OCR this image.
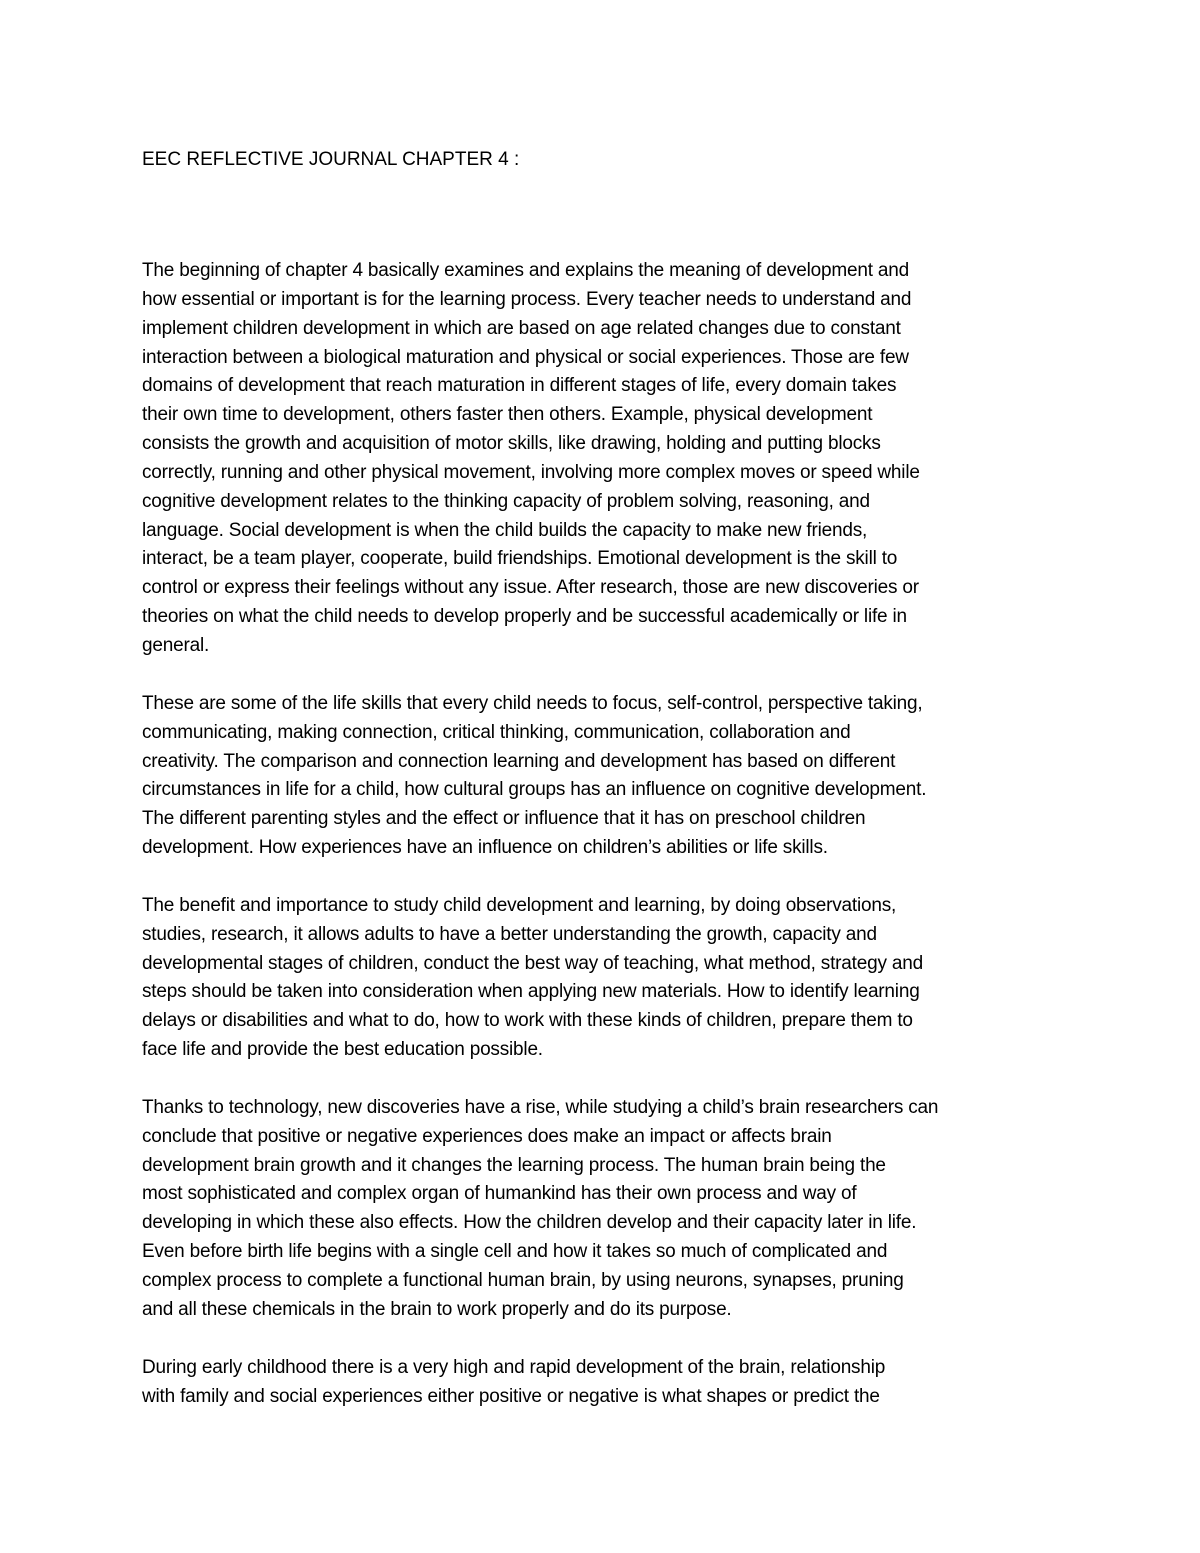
EEC REFLECTIVE JOURNAL CHAPTER 4 :
The beginning of chapter 4 basically examines and explains the meaning of development and
how essential or important is for the learning process. Every teacher needs to understand and
implement children development in which are based on age related changes due to constant
interaction between a biological maturation and physical or social experiences. Those are few
domains of development that reach maturation in different stages of life, every domain takes
their own time to development, others faster then others. Example, physical development
consists the growth and acquisition of motor skills, like drawing, holding and putting blocks
correctly, running and other physical movement, involving more complex moves or speed while
cognitive development relates to the thinking capacity of problem solving, reasoning, and
language. Social development is when the child builds the capacity to make new friends,
interact, be a team player, cooperate, build friendships. Emotional development is the skill to
control or express their feelings without any issue. After research, those are new discoveries or
theories on what the child needs to develop properly and be successful academically or life in
general.
These are some of the life skills that every child needs to focus, self-control, perspective taking,
communicating, making connection, critical thinking, communication, collaboration and
creativity. The comparison and connection learning and development has based on different
circumstances in life for a child, how cultural groups has an influence on cognitive development.
The different parenting styles and the effect or influence that it has on preschool children
development. How experiences have an influence on children’s abilities or life skills.
The benefit and importance to study child development and learning, by doing observations,
studies, research, it allows adults to have a better understanding the growth, capacity and
developmental stages of children, conduct the best way of teaching, what method, strategy and
steps should be taken into consideration when applying new materials. How to identify learning
delays or disabilities and what to do, how to work with these kinds of children, prepare them to
face life and provide the best education possible.
Thanks to technology, new discoveries have a rise, while studying a child’s brain researchers can
conclude that positive or negative experiences does make an impact or affects brain
development brain growth and it changes the learning process. The human brain being the
most sophisticated and complex organ of humankind has their own process and way of
developing in which these also effects. How the children develop and their capacity later in life.
Even before birth life begins with a single cell and how it takes so much of complicated and
complex process to complete a functional human brain, by using neurons, synapses, pruning
and all these chemicals in the brain to work properly and do its purpose.
During early childhood there is a very high and rapid development of the brain, relationship
with family and social experiences either positive or negative is what shapes or predict the
